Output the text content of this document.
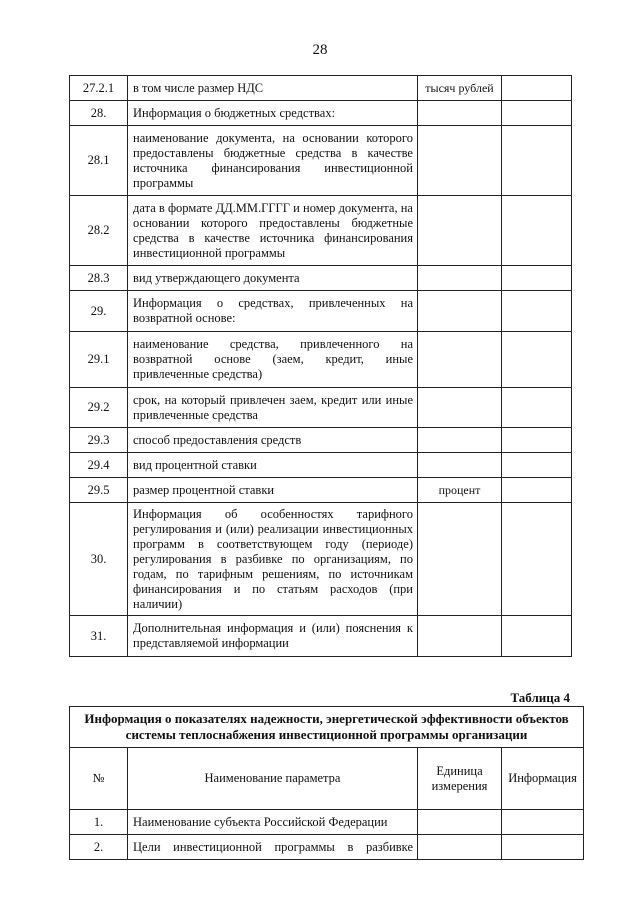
28
27.2.1	в том числе размер НДС	тысяч рублей	
28.	Информация о бюджетных средствах:		
28.1	наименование документа, на основании которого предоставлены бюджетные средства в качестве источника финансирования инвестиционной программы		
28.2	дата в формате ДД.ММ.ГГГГ и номер документа, на основании которого предоставлены бюджетные средства в качестве источника финансирования инвестиционной программы		
28.3	вид утверждающего документа		
29.	Информация о средствах, привлеченных на возвратной основе:		
29.1	наименование средства, привлеченного на возвратной основе (заем, кредит, иные привлеченные средства)		
29.2	срок, на который привлечен заем, кредит или иные привлеченные средства		
29.3	способ предоставления средств		
29.4	вид процентной ставки		
29.5	размер процентной ставки	процент	
30.	Информация об особенностях тарифного регулирования и (или) реализации инвестиционных программ в соответствующем году (периоде) регулирования в разбивке по организациям, по годам, по тарифным решениям, по источникам финансирования и по статьям расходов (при наличии)		
31.	Дополнительная информация и (или) пояснения к представляемой информации		
Таблица 4
Информация о показателях надежности, энергетической эффективности объектов системы теплоснабжения инвестиционной программы организации			
№	Наименование параметра	Единица измерения	Информация
1.	Наименование субъекта Российской Федерации		
2.	Цели инвестиционной программы в разбивке		
